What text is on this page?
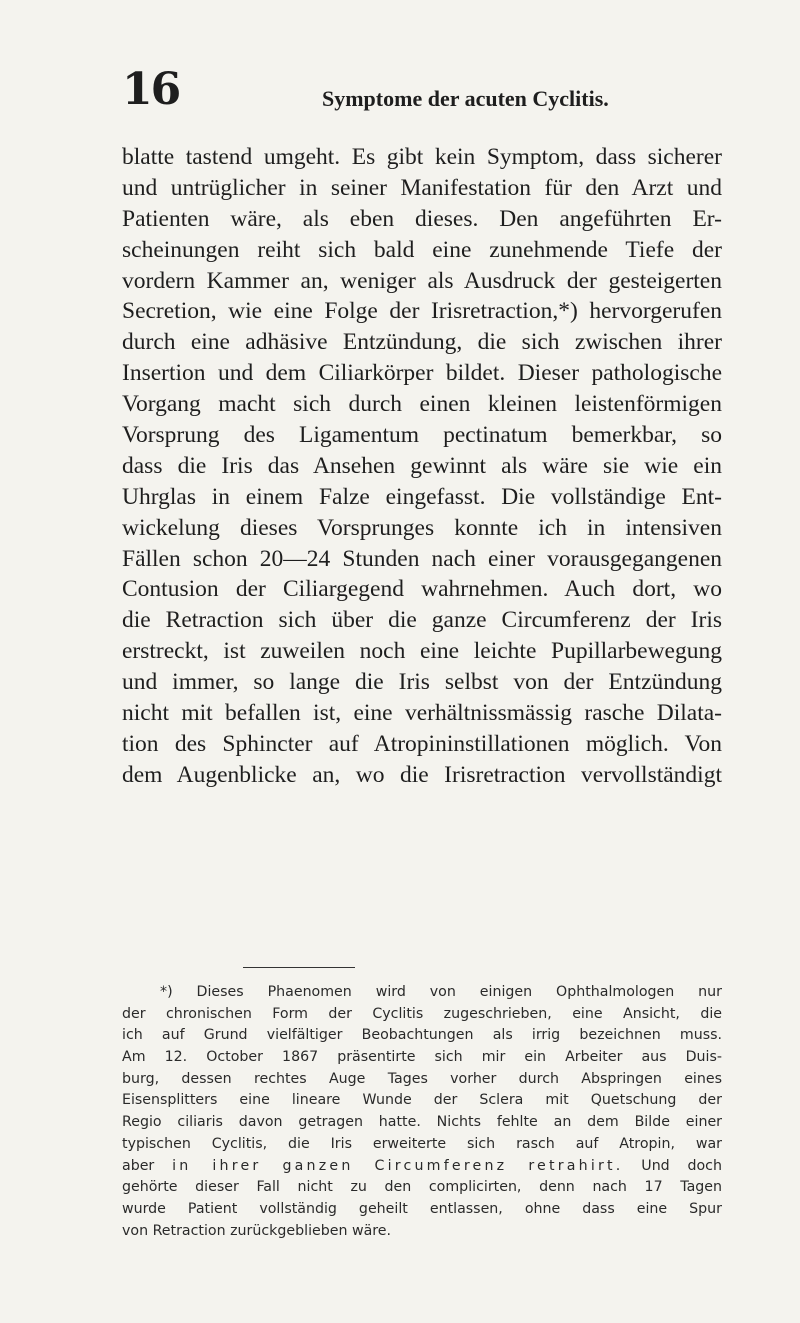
16	Symptome der acuten Cyclitis.
blatte tastend umgeht. Es gibt kein Symptom, dass sicherer
und untrüglicher in seiner Manifestation für den Arzt und
Patienten wäre, als eben dieses. Den angeführten Er-
scheinungen reiht sich bald eine zunehmende Tiefe der
vordern Kammer an, weniger als Ausdruck der gesteigerten
Secretion, wie eine Folge der Irisretraction,*) hervorgerufen
durch eine adhäsive Entzündung, die sich zwischen ihrer
Insertion und dem Ciliarkörper bildet. Dieser pathologische
Vorgang macht sich durch einen kleinen leistenförmigen
Vorsprung des Ligamentum pectinatum bemerkbar, so
dass die Iris das Ansehen gewinnt als wäre sie wie ein
Uhrglas in einem Falze eingefasst. Die vollständige Ent-
wickelung dieses Vorsprunges konnte ich in intensiven
Fällen schon 20—24 Stunden nach einer vorausgegangenen
Contusion der Ciliargegend wahrnehmen. Auch dort, wo
die Retraction sich über die ganze Circumferenz der Iris
erstreckt, ist zuweilen noch eine leichte Pupillarbewegung
und immer, so lange die Iris selbst von der Entzündung
nicht mit befallen ist, eine verhältnissmässig rasche Dilata-
tion des Sphincter auf Atropininstillationen möglich. Von
dem Augenblicke an, wo die Irisretraction vervollständigt
*) Dieses Phaenomen wird von einigen Ophthalmologen nur
der chronischen Form der Cyclitis zugeschrieben, eine Ansicht, die
ich auf Grund vielfältiger Beobachtungen als irrig bezeichnen muss.
Am 12. October 1867 präsentirte sich mir ein Arbeiter aus Duis-
burg, dessen rechtes Auge Tages vorher durch Abspringen eines
Eisensplitters eine lineare Wunde der Sclera mit Quetschung der
Regio ciliaris davon getragen hatte. Nichts fehlte an dem Bilde einer
typischen Cyclitis, die Iris erweiterte sich rasch auf Atropin, war
aber in ihrer ganzen Circumferenz retrahirt. Und doch
gehörte dieser Fall nicht zu den complicirten, denn nach 17 Tagen
wurde Patient vollständig geheilt entlassen, ohne dass eine Spur
von Retraction zurückgeblieben wäre.
